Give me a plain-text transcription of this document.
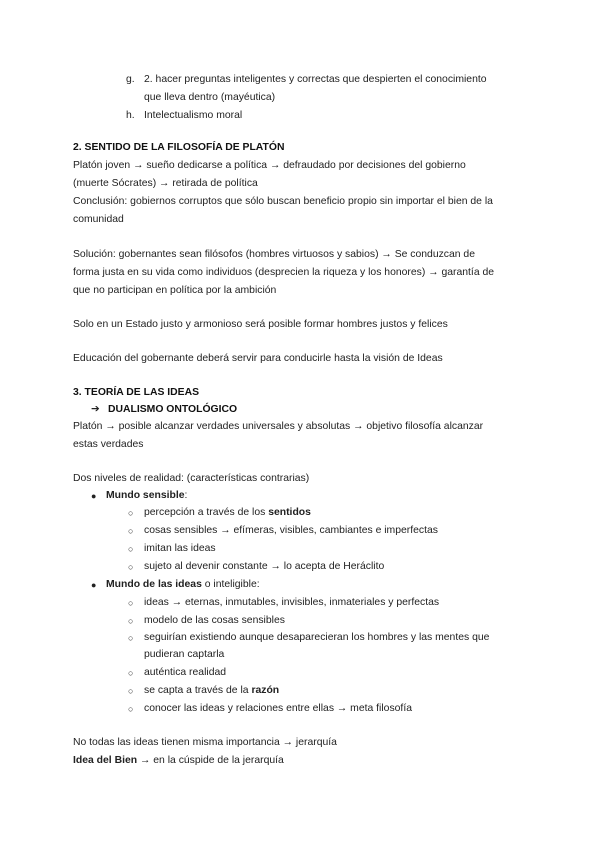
g. 2. hacer preguntas inteligentes y correctas que despierten el conocimiento
que lleva dentro (mayéutica)
h. Intelectualismo moral
2. SENTIDO DE LA FILOSOFÍA DE PLATÓN
Platón joven → sueño dedicarse a política → defraudado por decisiones del gobierno
(muerte Sócrates) → retirada de política
Conclusión: gobiernos corruptos que sólo buscan beneficio propio sin importar el bien de la
comunidad
Solución: gobernantes sean filósofos (hombres virtuosos y sabios) → Se conduzcan de
forma justa en su vida como individuos (desprecien la riqueza y los honores) → garantía de
que no participan en política por la ambición
Solo en un Estado justo y armonioso será posible formar hombres justos y felices
Educación del gobernante deberá servir para conducirle hasta la visión de Ideas
3. TEORÍA DE LAS IDEAS
➔ DUALISMO ONTOLÓGICO
Platón → posible alcanzar verdades universales y absolutas → objetivo filosofía alcanzar
estas verdades
Dos niveles de realidad: (características contrarias)
● Mundo sensible:
○ percepción a través de los sentidos
○ cosas sensibles → efímeras, visibles, cambiantes e imperfectas
○ imitan las ideas
○ sujeto al devenir constante → lo acepta de Heráclito
● Mundo de las ideas o inteligible:
○ ideas → eternas, inmutables, invisibles, inmateriales y perfectas
○ modelo de las cosas sensibles
○ seguirían existiendo aunque desaparecieran los hombres y las mentes que
pudieran captarla
○ auténtica realidad
○ se capta a través de la razón
○ conocer las ideas y relaciones entre ellas → meta filosofía
No todas las ideas tienen misma importancia → jerarquía
Idea del Bien → en la cúspide de la jerarquía
